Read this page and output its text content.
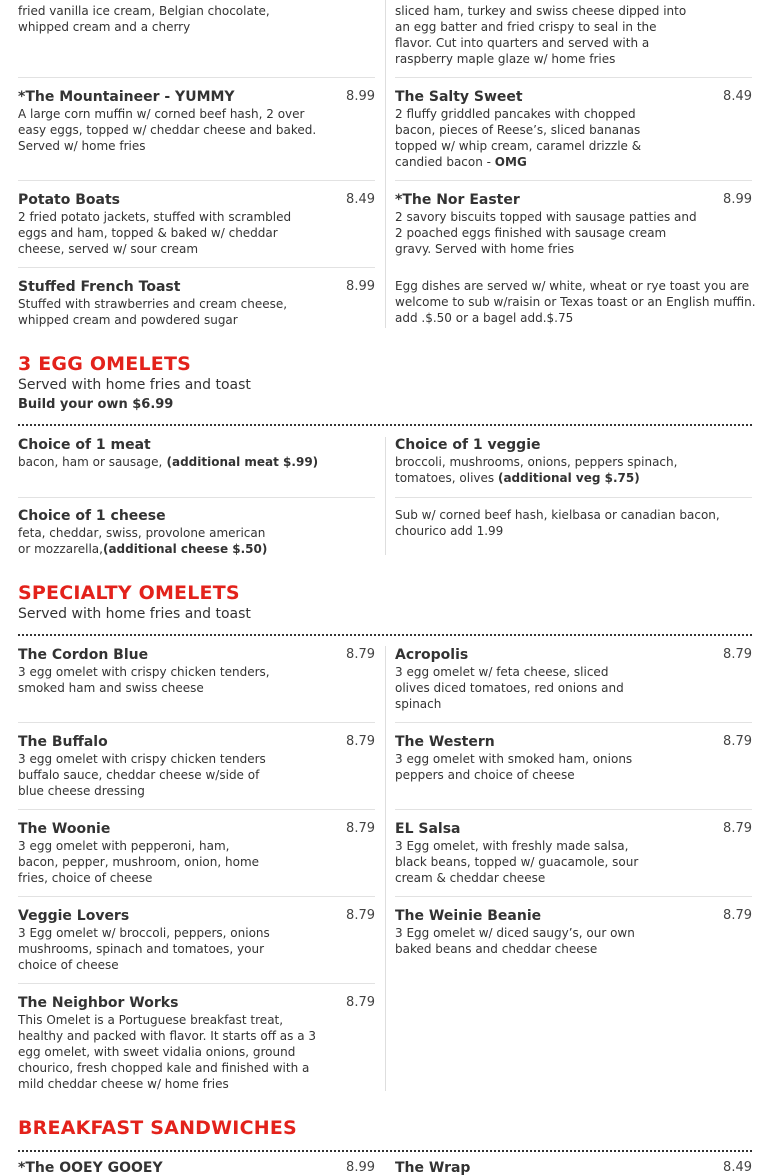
fried vanilla ice cream, Belgian chocolate, whipped cream and a cherry
sliced ham, turkey and swiss cheese dipped into an egg batter and fried crispy to seal in the flavor. Cut into quarters and served with a raspberry maple glaze w/ home fries
*The Mountaineer - YUMMY	8.99
A large corn muffin w/ corned beef hash, 2 over easy eggs, topped w/ cheddar cheese and baked. Served w/ home fries
The Salty Sweet	8.49
2 fluffy griddled pancakes with chopped bacon, pieces of Reese’s, sliced bananas topped w/ whip cream, caramel drizzle & candied bacon - OMG
Potato Boats	8.49
2 fried potato jackets, stuffed with scrambled eggs and ham, topped & baked w/ cheddar cheese, served w/ sour cream
*The Nor Easter	8.99
2 savory biscuits topped with sausage patties and 2 poached eggs finished with sausage cream gravy. Served with home fries
Stuffed French Toast	8.99
Stuffed with strawberries and cream cheese, whipped cream and powdered sugar
Egg dishes are served w/ white, wheat or rye toast you are welcome to sub w/raisin or Texas toast or an English muffin. add .$.50 or a bagel add.$.75
3 EGG OMELETS
Served with home fries and toast
Build your own $6.99
Choice of 1 meat
bacon, ham or sausage, (additional meat $.99)
Choice of 1 veggie
broccoli, mushrooms, onions, peppers spinach, tomatoes, olives (additional veg $.75)
Choice of 1 cheese
feta, cheddar, swiss, provolone american or mozzarella,(additional cheese $.50)
Sub w/ corned beef hash, kielbasa or canadian bacon, chourico add 1.99
SPECIALTY OMELETS
Served with home fries and toast
The Cordon Blue	8.79
3 egg omelet with crispy chicken tenders, smoked ham and swiss cheese
Acropolis	8.79
3 egg omelet w/ feta cheese, sliced olives diced tomatoes, red onions and spinach
The Buffalo	8.79
3 egg omelet with crispy chicken tenders buffalo sauce, cheddar cheese w/side of blue cheese dressing
The Western	8.79
3 egg omelet with smoked ham, onions peppers and choice of cheese
The Woonie	8.79
3 egg omelet with pepperoni, ham, bacon, pepper, mushroom, onion, home fries, choice of cheese
EL Salsa	8.79
3 Egg omelet, with freshly made salsa, black beans, topped w/ guacamole, sour cream & cheddar cheese
Veggie Lovers	8.79
3 Egg omelet w/ broccoli, peppers, onions mushrooms, spinach and tomatoes, your choice of cheese
The Weinie Beanie	8.79
3 Egg omelet w/ diced saugy’s, our own baked beans and cheddar cheese
The Neighbor Works	8.79
This Omelet is a Portuguese breakfast treat, healthy and packed with flavor. It starts off as a 3 egg omelet, with sweet vidalia onions, ground chourico, fresh chopped kale and finished with a mild cheddar cheese w/ home fries
BREAKFAST SANDWICHES
*The OOEY GOOEY	8.99 The Wrap	8.49
